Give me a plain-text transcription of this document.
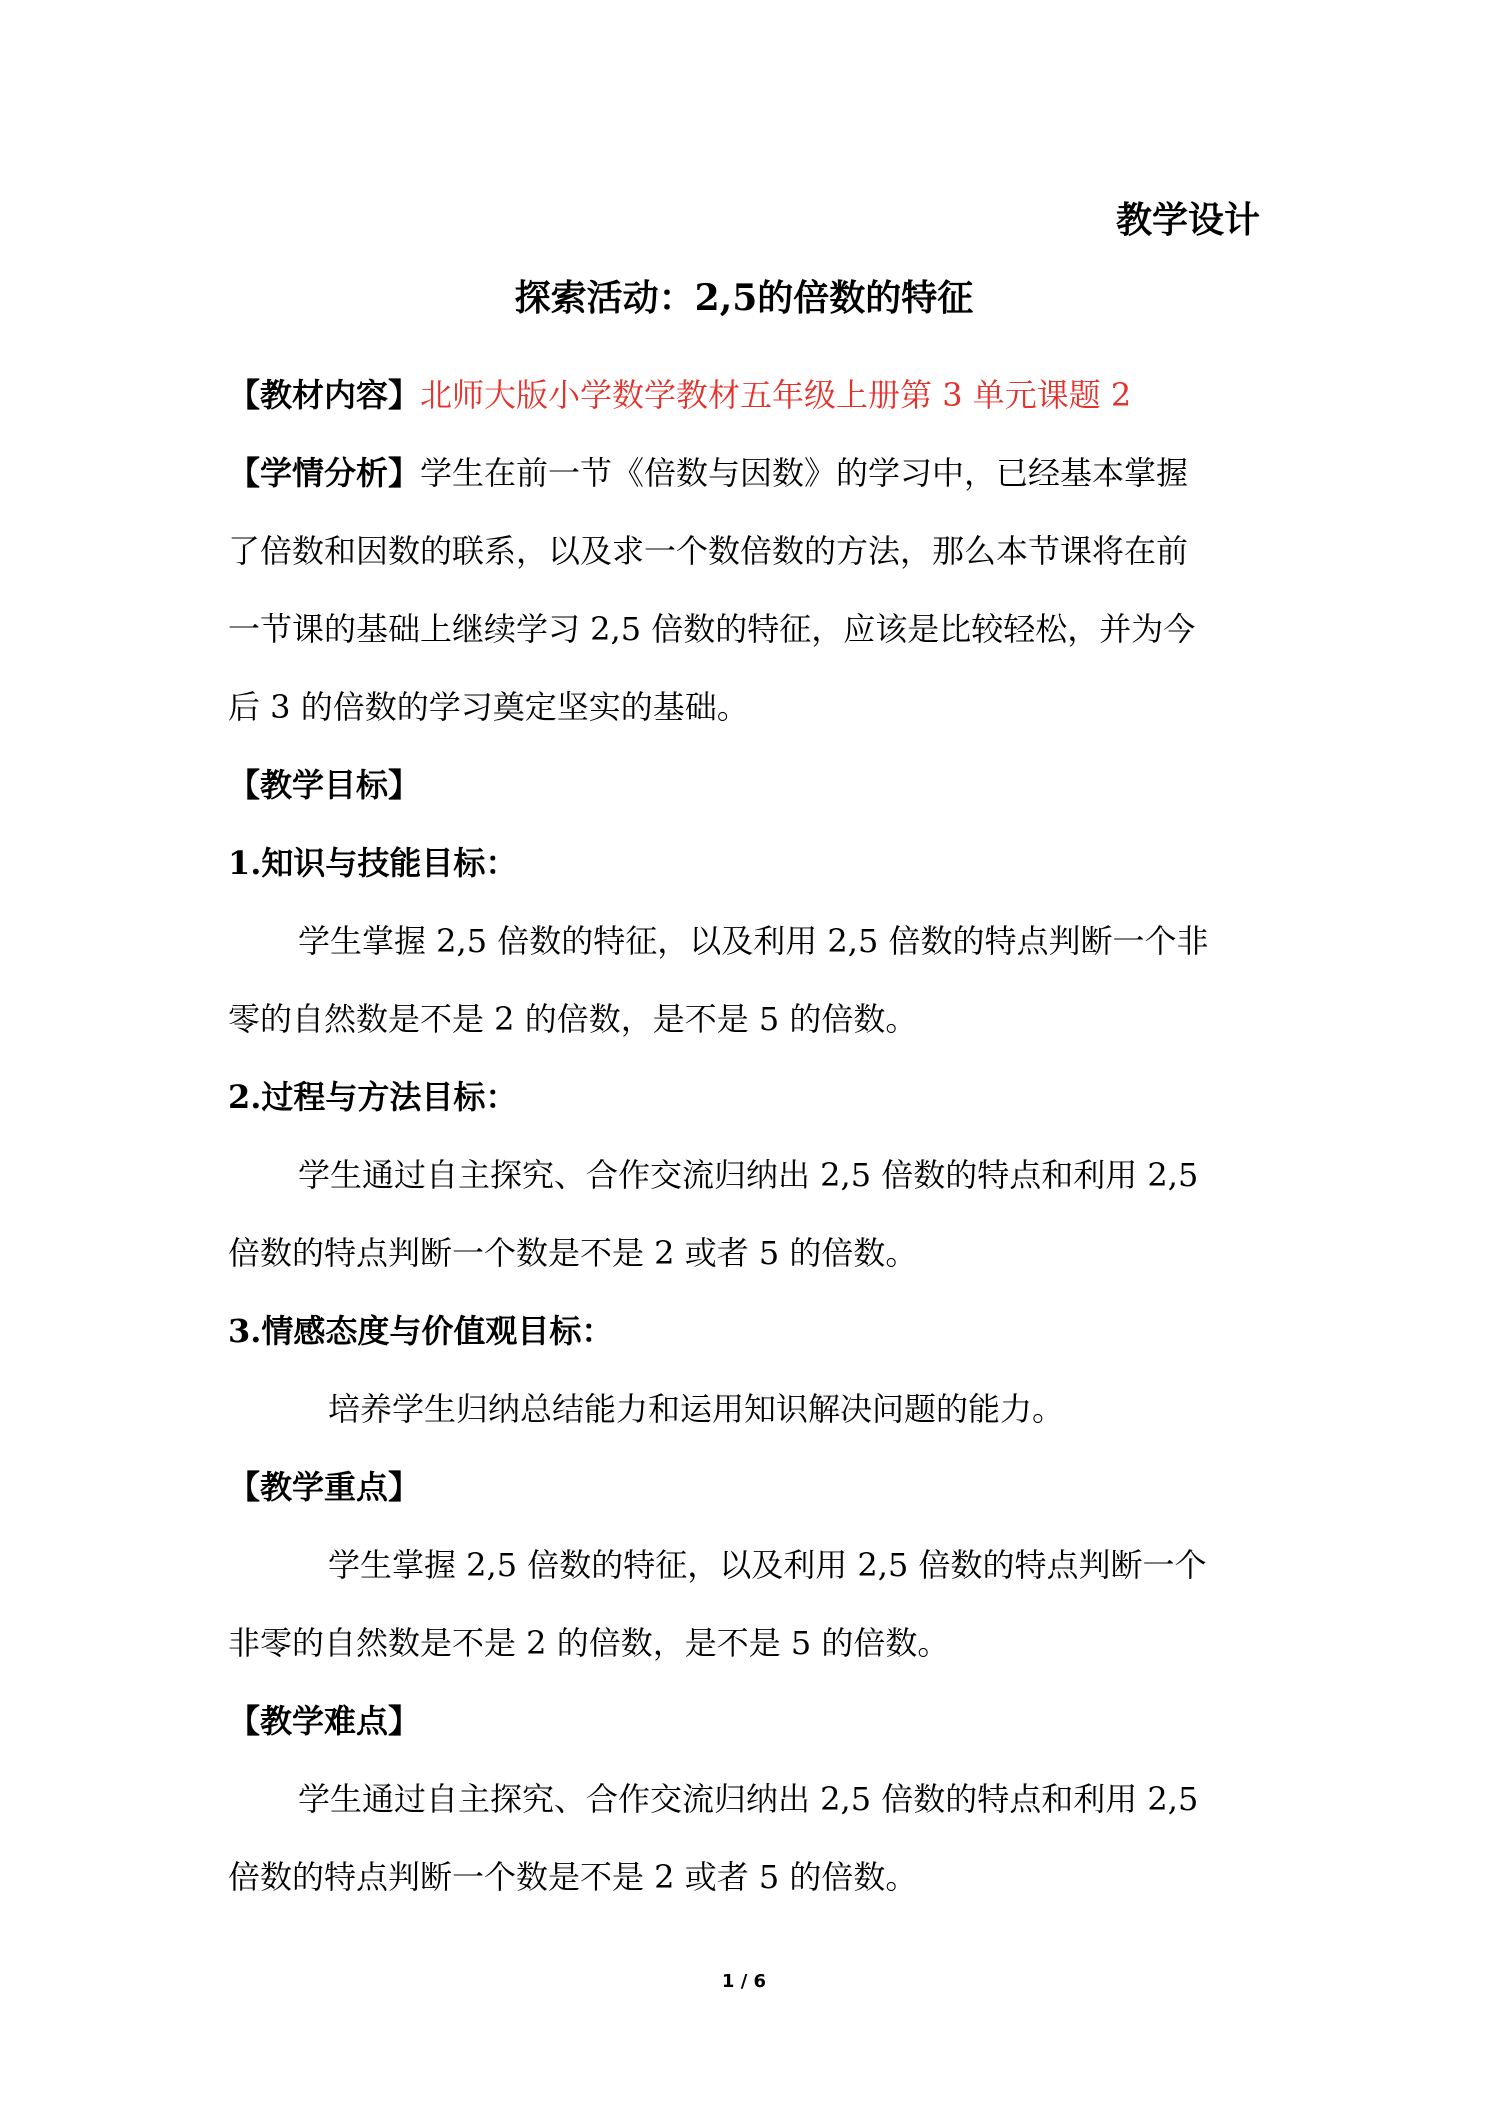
教学设计
探索活动：2,5的倍数的特征
【教材内容】北师大版小学数学教材五年级上册第 3 单元课题 2
【学情分析】学生在前一节《倍数与因数》的学习中，已经基本掌握
了倍数和因数的联系，以及求一个数倍数的方法，那么本节课将在前
一节课的基础上继续学习 2,5 倍数的特征，应该是比较轻松，并为今
后 3 的倍数的学习奠定坚实的基础。
【教学目标】
1.知识与技能目标：
学生掌握 2,5 倍数的特征，以及利用 2,5 倍数的特点判断一个非
零的自然数是不是 2 的倍数，是不是 5 的倍数。
2.过程与方法目标：
学生通过自主探究、合作交流归纳出 2,5 倍数的特点和利用 2,5
倍数的特点判断一个数是不是 2 或者 5 的倍数。
3.情感态度与价值观目标：
培养学生归纳总结能力和运用知识解决问题的能力。
【教学重点】
学生掌握 2,5 倍数的特征，以及利用 2,5 倍数的特点判断一个
非零的自然数是不是 2 的倍数，是不是 5 的倍数。
【教学难点】
学生通过自主探究、合作交流归纳出 2,5 倍数的特点和利用 2,5
倍数的特点判断一个数是不是 2 或者 5 的倍数。
1 / 6
